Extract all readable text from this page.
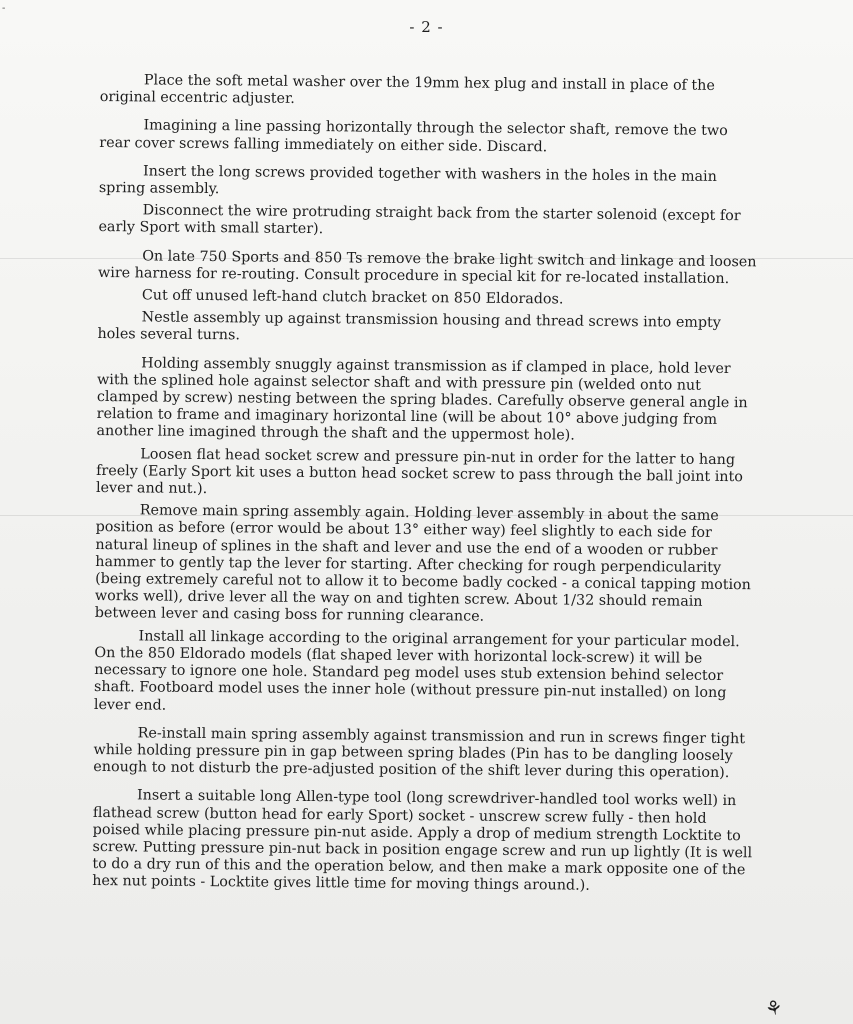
-
- 2 -

Place the soft metal washer over the 19mm hex plug and install in place of the original eccentric adjuster.

Imagining a line passing horizontally through the selector shaft, remove the two rear cover screws falling immediately on either side. Discard.

Insert the long screws provided together with washers in the holes in the main spring assembly.

Disconnect the wire protruding straight back from the starter solenoid (except for early Sport with small starter).

On late 750 Sports and 850 Ts remove the brake light switch and linkage and loosen wire harness for re-routing. Consult procedure in special kit for re-located installation.

Cut off unused left-hand clutch bracket on 850 Eldorados.

Nestle assembly up against transmission housing and thread screws into empty holes several turns.

Holding assembly snuggly against transmission as if clamped in place, hold lever with the splined hole against selector shaft and with pressure pin (welded onto nut clamped by screw) nesting between the spring blades. Carefully observe general angle in relation to frame and imaginary horizontal line (will be about 10° above judging from another line imagined through the shaft and the uppermost hole).

Loosen flat head socket screw and pressure pin-nut in order for the latter to hang freely (Early Sport kit uses a button head socket screw to pass through the ball joint into lever and nut.).

Remove main spring assembly again. Holding lever assembly in about the same position as before (error would be about 13° either way) feel slightly to each side for natural lineup of splines in the shaft and lever and use the end of a wooden or rubber hammer to gently tap the lever for starting. After checking for rough perpendicularity (being extremely careful not to allow it to become badly cocked - a conical tapping motion works well), drive lever all the way on and tighten screw. About 1/32 should remain between lever and casing boss for running clearance.

Install all linkage according to the original arrangement for your particular model. On the 850 Eldorado models (flat shaped lever with horizontal lock-screw) it will be necessary to ignore one hole. Standard peg model uses stub extension behind selector shaft. Footboard model uses the inner hole (without pressure pin-nut installed) on long lever end.

Re-install main spring assembly against transmission and run in screws finger tight while holding pressure pin in gap between spring blades (Pin has to be dangling loosely enough to not disturb the pre-adjusted position of the shift lever during this operation).

Insert a suitable long Allen-type tool (long screwdriver-handled tool works well) in flathead screw (button head for early Sport) socket - unscrew screw fully - then hold poised while placing pressure pin-nut aside. Apply a drop of medium strength Locktite to screw. Putting pressure pin-nut back in position engage screw and run up lightly (It is well to do a dry run of this and the operation below, and then make a mark opposite one of the hex nut points - Locktite gives little time for moving things around.).

⚘
